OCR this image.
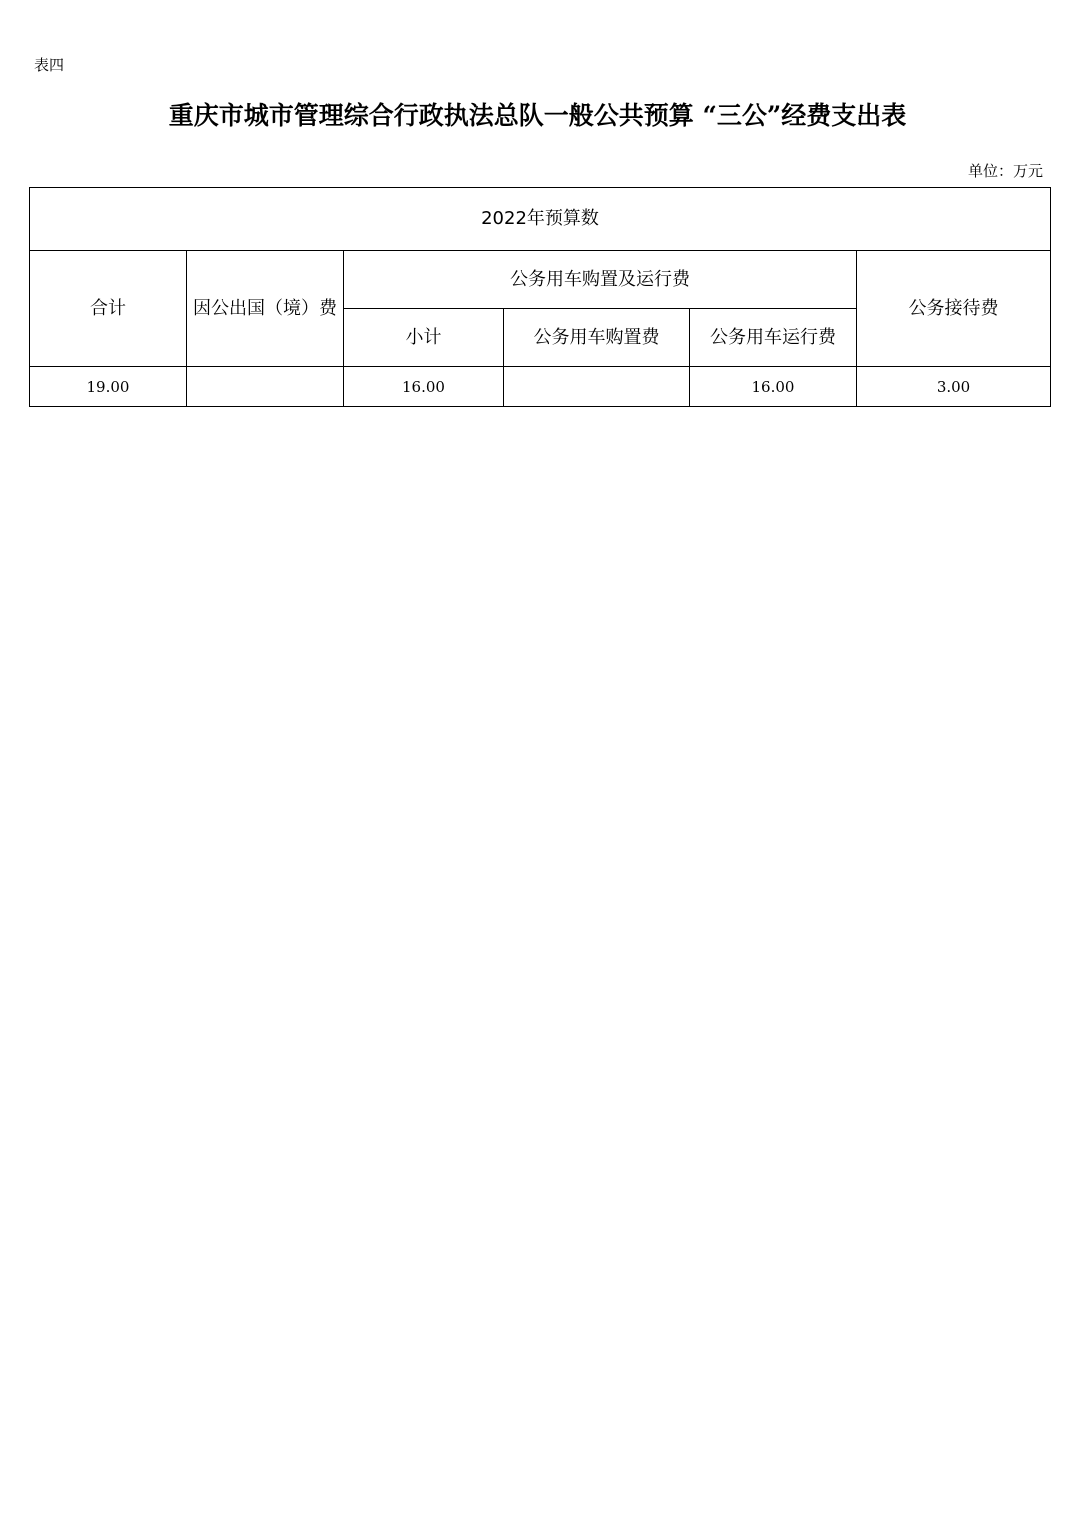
表四
重庆市城市管理综合行政执法总队一般公共预算 “三公”经费支出表
单位：万元
2022年预算数					
合计	因公出国（境）费	公务用车购置及运行费			公务接待费
		小计	公务用车购置费	公务用车运行费	
19.00		16.00		16.00	3.00
